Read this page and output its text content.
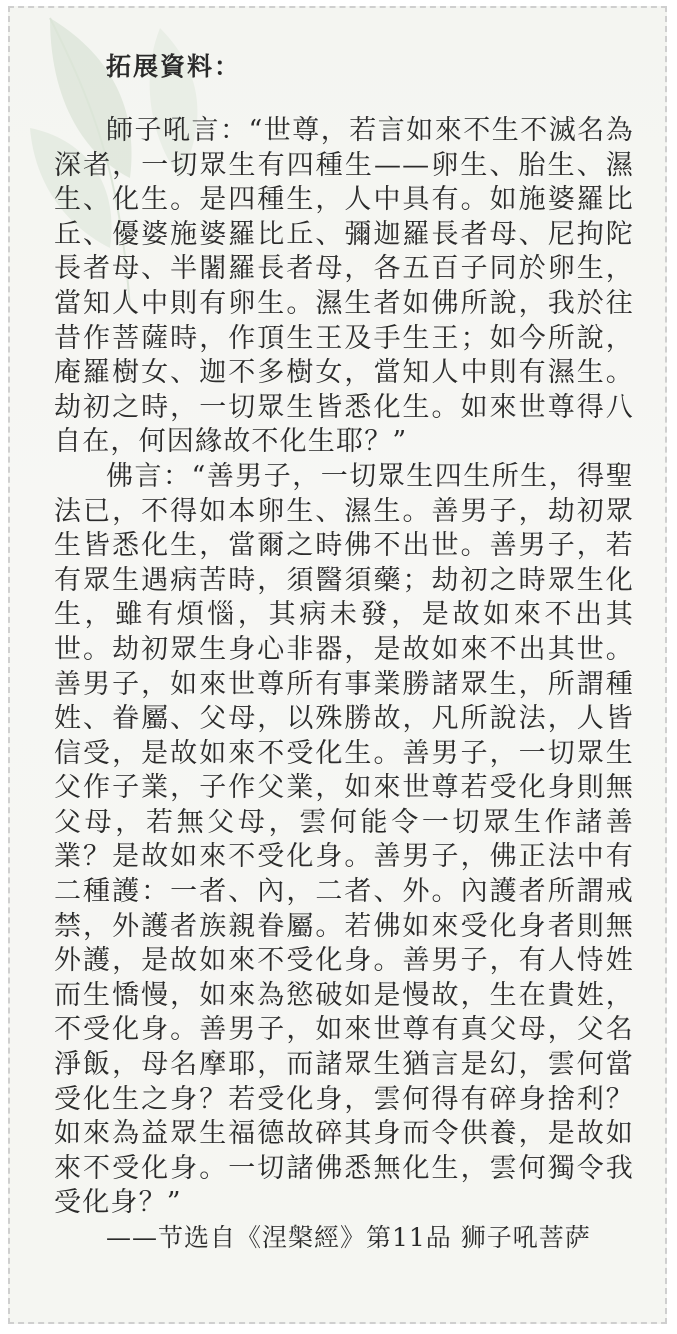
拓展資料：

師子吼言：“世尊，若言如來不生不滅名為深者，一切眾生有四種生——卵生、胎生、濕生、化生。是四種生，人中具有。如施婆羅比丘、優婆施婆羅比丘、彌迦羅長者母、尼拘陀長者母、半闍羅長者母，各五百子同於卵生，當知人中則有卵生。濕生者如佛所說，我於往昔作菩薩時，作頂生王及手生王；如今所說，庵羅樹女、迦不多樹女，當知人中則有濕生。劫初之時，一切眾生皆悉化生。如來世尊得八自在，何因緣故不化生耶？”

佛言：“善男子，一切眾生四生所生，得聖法已，不得如本卵生、濕生。善男子，劫初眾生皆悉化生，當爾之時佛不出世。善男子，若有眾生遇病苦時，須醫須藥；劫初之時眾生化生，雖有煩惱，其病未發，是故如來不出其世。劫初眾生身心非器，是故如來不出其世。善男子，如來世尊所有事業勝諸眾生，所謂種姓、眷屬、父母，以殊勝故，凡所說法，人皆信受，是故如來不受化生。善男子，一切眾生父作子業，子作父業，如來世尊若受化身則無父母，若無父母，雲何能令一切眾生作諸善業？是故如來不受化身。善男子，佛正法中有二種護：一者、內，二者、外。內護者所謂戒禁，外護者族親眷屬。若佛如來受化身者則無外護，是故如來不受化身。善男子，有人恃姓而生憍慢，如來為慾破如是慢故，生在貴姓，不受化身。善男子，如來世尊有真父母，父名淨飯，母名摩耶，而諸眾生猶言是幻，雲何當受化生之身？若受化身，雲何得有碎身捨利？如來為益眾生福德故碎其身而令供養，是故如來不受化身。一切諸佛悉無化生，雲何獨令我受化身？”

——节选自《涅槃經》第11品 狮子吼菩萨
